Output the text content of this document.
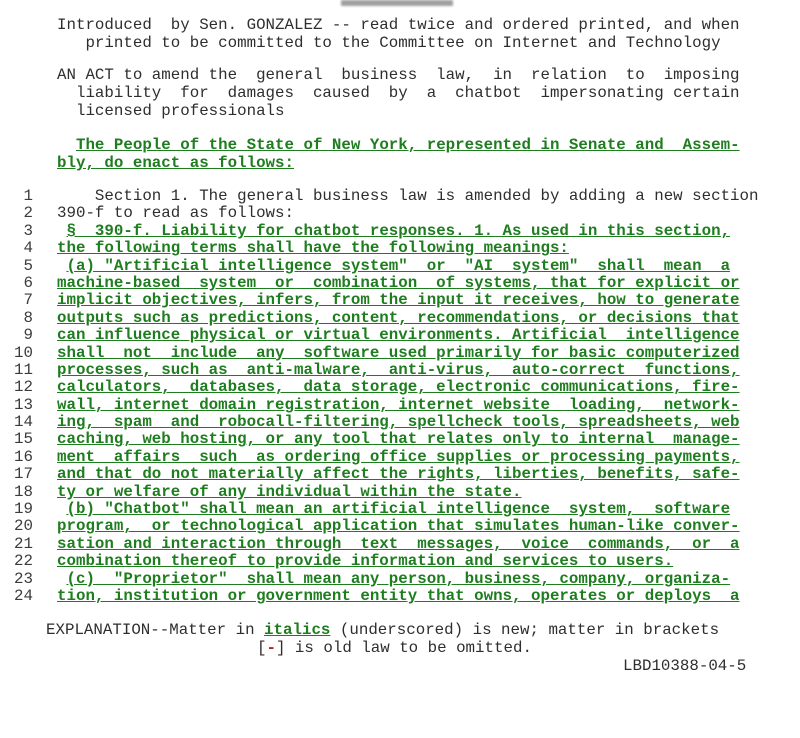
Introduced  by Sen. GONZALEZ -- read twice and ordered printed, and when
printed to be committed to the Committee on Internet and Technology
AN ACT to amend the  general  business  law,  in  relation  to  imposing
liability  for  damages  caused  by  a  chatbot  impersonating certain
licensed professionals
The People of the State of New York, represented in Senate and  Assem-
bly, do enact as follows:
1	Section 1. The general business law is amended by adding a new section
2 390-f to read as follows:
3	§  390-f. Liability for chatbot responses. 1. As used in this section,
4 the following terms shall have the following meanings:
5	(a) "Artificial intelligence system"  or  "AI  system"  shall  mean  a
6 machine-based  system  or  combination  of systems, that for explicit or
7 implicit objectives, infers, from the input it receives, how to generate
8 outputs such as predictions, content, recommendations, or decisions that
9 can influence physical or virtual environments. Artificial  intelligence
10 shall  not  include  any  software used primarily for basic computerized
11 processes, such as  anti-malware,  anti-virus,  auto-correct  functions,
12 calculators,  databases,  data storage, electronic communications, fire-
13 wall, internet domain registration, internet website  loading,  network-
14 ing,  spam  and  robocall-filtering, spellcheck tools, spreadsheets, web
15 caching, web hosting, or any tool that relates only to internal  manage-
16 ment  affairs  such  as ordering office supplies or processing payments,
17 and that do not materially affect the rights, liberties, benefits, safe-
18 ty or welfare of any individual within the state.
19	(b) "Chatbot" shall mean an artificial intelligence  system,  software
20 program,  or technological application that simulates human-like conver-
21 sation and interaction through  text  messages,  voice  commands,  or  a
22 combination thereof to provide information and services to users.
23	(c)  "Proprietor"  shall mean any person, business, company, organiza-
24 tion, institution or government entity that owns, operates or deploys  a
EXPLANATION--Matter in italics (underscored) is new; matter in brackets
[-] is old law to be omitted.
LBD10388-04-5
